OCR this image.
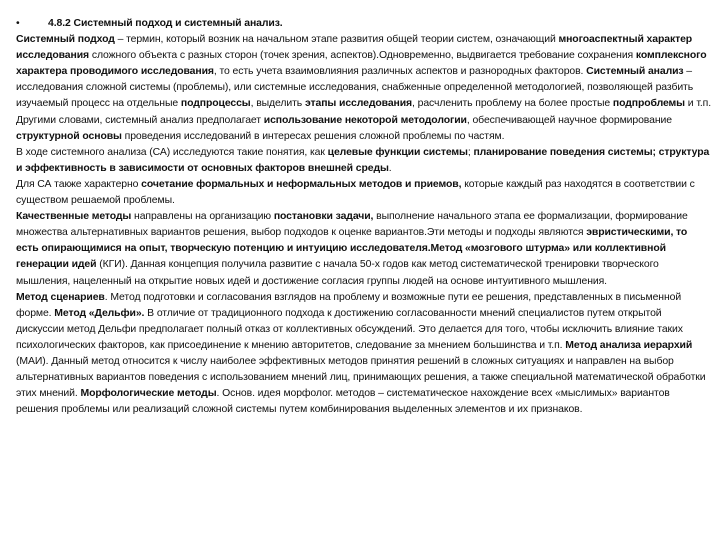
•	4.8.2 Системный подход и системный анализ.

Системный подход – термин, который возник на начальном этапе развития общей теории систем, означающий многоаспектный характер исследования сложного объекта с разных сторон (точек зрения, аспектов).Одновременно, выдвигается требование сохранения комплексного характера проводимого исследования, то есть учета взаимовлияния различных аспектов и разнородных факторов. Системный анализ – исследования сложной системы (проблемы), или системные исследования, снабженные определенной методологией, позволяющей разбить изучаемый процесс на отдельные подпроцессы, выделить этапы исследования, расчленить проблему на более простые подпроблемы и т.п. Другими словами, системный анализ предполагает использование некоторой методологии, обеспечивающей научное формирование структурной основы проведения исследований в интересах решения сложной проблемы по частям.

В ходе системного анализа (СА) исследуются такие понятия, как целевые функции системы; планирование поведения системы; структура и эффективность в зависимости от основных факторов внешней среды.

Для СА также характерно сочетание формальных и неформальных методов и приемов, которые каждый раз находятся в соответствии с существом решаемой проблемы.

Качественные методы направлены на организацию постановки задачи, выполнение начального этапа ее формализации, формирование множества альтернативных вариантов решения, выбор подходов к оценке вариантов.Эти методы и подходы являются эвристическими, то есть опирающимися на опыт, творческую потенцию и интуицию исследователя.Метод «мозгового штурма» или коллективной генерации идей (КГИ). Данная концепция получила развитие с начала 50-х годов как метод систематической тренировки творческого мышления, нацеленный на открытие новых идей и достижение согласия группы людей на основе интуитивного мышления.

Метод сценариев. Метод подготовки и согласования взглядов на проблему и возможные пути ее решения, представленных в письменной форме. Метод «Дельфи». В отличие от традиционного подхода к достижению согласованности мнений специалистов путем открытой дискуссии метод Дельфи предполагает полный отказ от коллективных обсуждений. Это делается для того, чтобы исключить влияние таких психологических факторов, как присоединение к мнению авторитетов, следование за мнением большинства и т.п. Метод анализа иерархий (МАИ). Данный метод относится к числу наиболее эффективных методов принятия решений в сложных ситуациях и направлен на выбор альтернативных вариантов поведения с использованием мнений лиц, принимающих решения, а также специальной математической обработки этих мнений. Морфологические методы. Основ. идея морфолог. методов – систематическое нахождение всех «мыслимых» вариантов решения проблемы или реализаций сложной системы путем комбинирования выделенных элементов и их признаков.
